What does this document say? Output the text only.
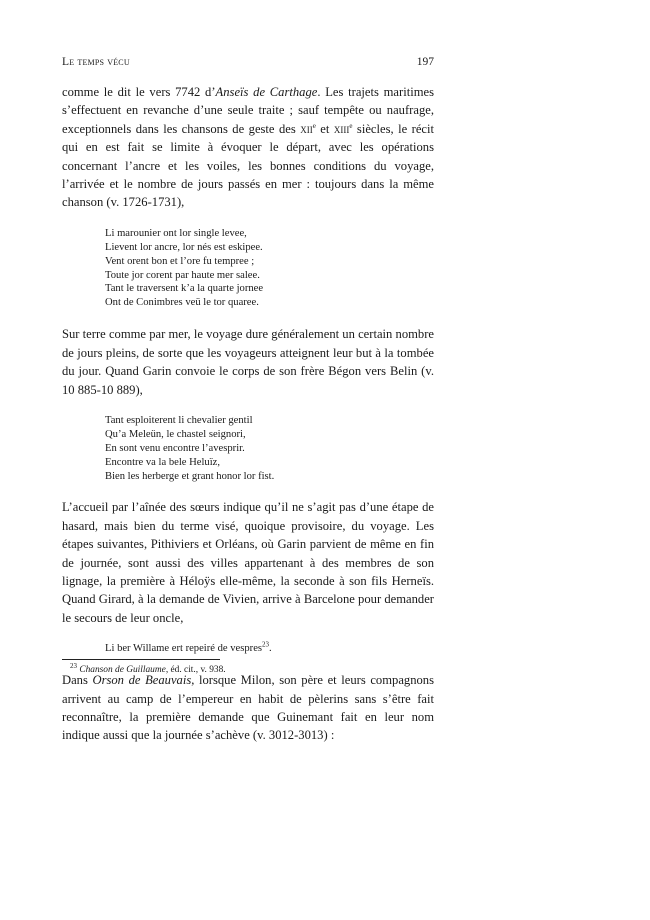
Le temps vécu	197

comme le dit le vers 7742 d’Anseïs de Carthage. Les trajets maritimes s’effectuent en revanche d’une seule traite ; sauf tempête ou naufrage, exceptionnels dans les chansons de geste des xii$^e$ et xiii$^e$ siècles, le récit qui en est fait se limite à évoquer le départ, avec les opérations concernant l’ancre et les voiles, les bonnes conditions du voyage, l’arrivée et le nombre de jours passés en mer : toujours dans la même chanson (v. 1726-1731),

Li marounier ont lor single levee,
Lievent lor ancre, lor nés est eskipee.
Vent orent bon et l’ore fu tempree ;
Toute jor corent par haute mer salee.
Tant le traversent k’a la quarte jornee
Ont de Conimbres veü le tor quaree.

Sur terre comme par mer, le voyage dure généralement un certain nombre de jours pleins, de sorte que les voyageurs atteignent leur but à la tombée du jour. Quand Garin convoie le corps de son frère Bégon vers Belin (v. 10 885-10 889),

Tant esploiterent li chevalier gentil
Qu’a Meleün, le chastel seignori,
En sont venu encontre l’avesprir.
Encontre va la bele Heluïz,
Bien les herberge et grant honor lor fist.

L’accueil par l’aînée des sœurs indique qu’il ne s’agit pas d’une étape de hasard, mais bien du terme visé, quoique provisoire, du voyage. Les étapes suivantes, Pithiviers et Orléans, où Garin parvient de même en fin de journée, sont aussi des villes appartenant à des membres de son lignage, la première à Héloÿs elle-même, la seconde à son fils Herneïs. Quand Girard, à la demande de Vivien, arrive à Barcelone pour demander le secours de leur oncle,

Li ber Willame ert repeiré de vespres$^{23}$.

Dans Orson de Beauvais, lorsque Milon, son père et leurs compagnons arrivent au camp de l’empereur en habit de pèlerins sans s’être fait reconnaître, la première demande que Guinemant fait en leur nom indique aussi que la journée s’achève (v. 3012-3013) :

$^{23}$ Chanson de Guillaume, éd. cit., v. 938.
